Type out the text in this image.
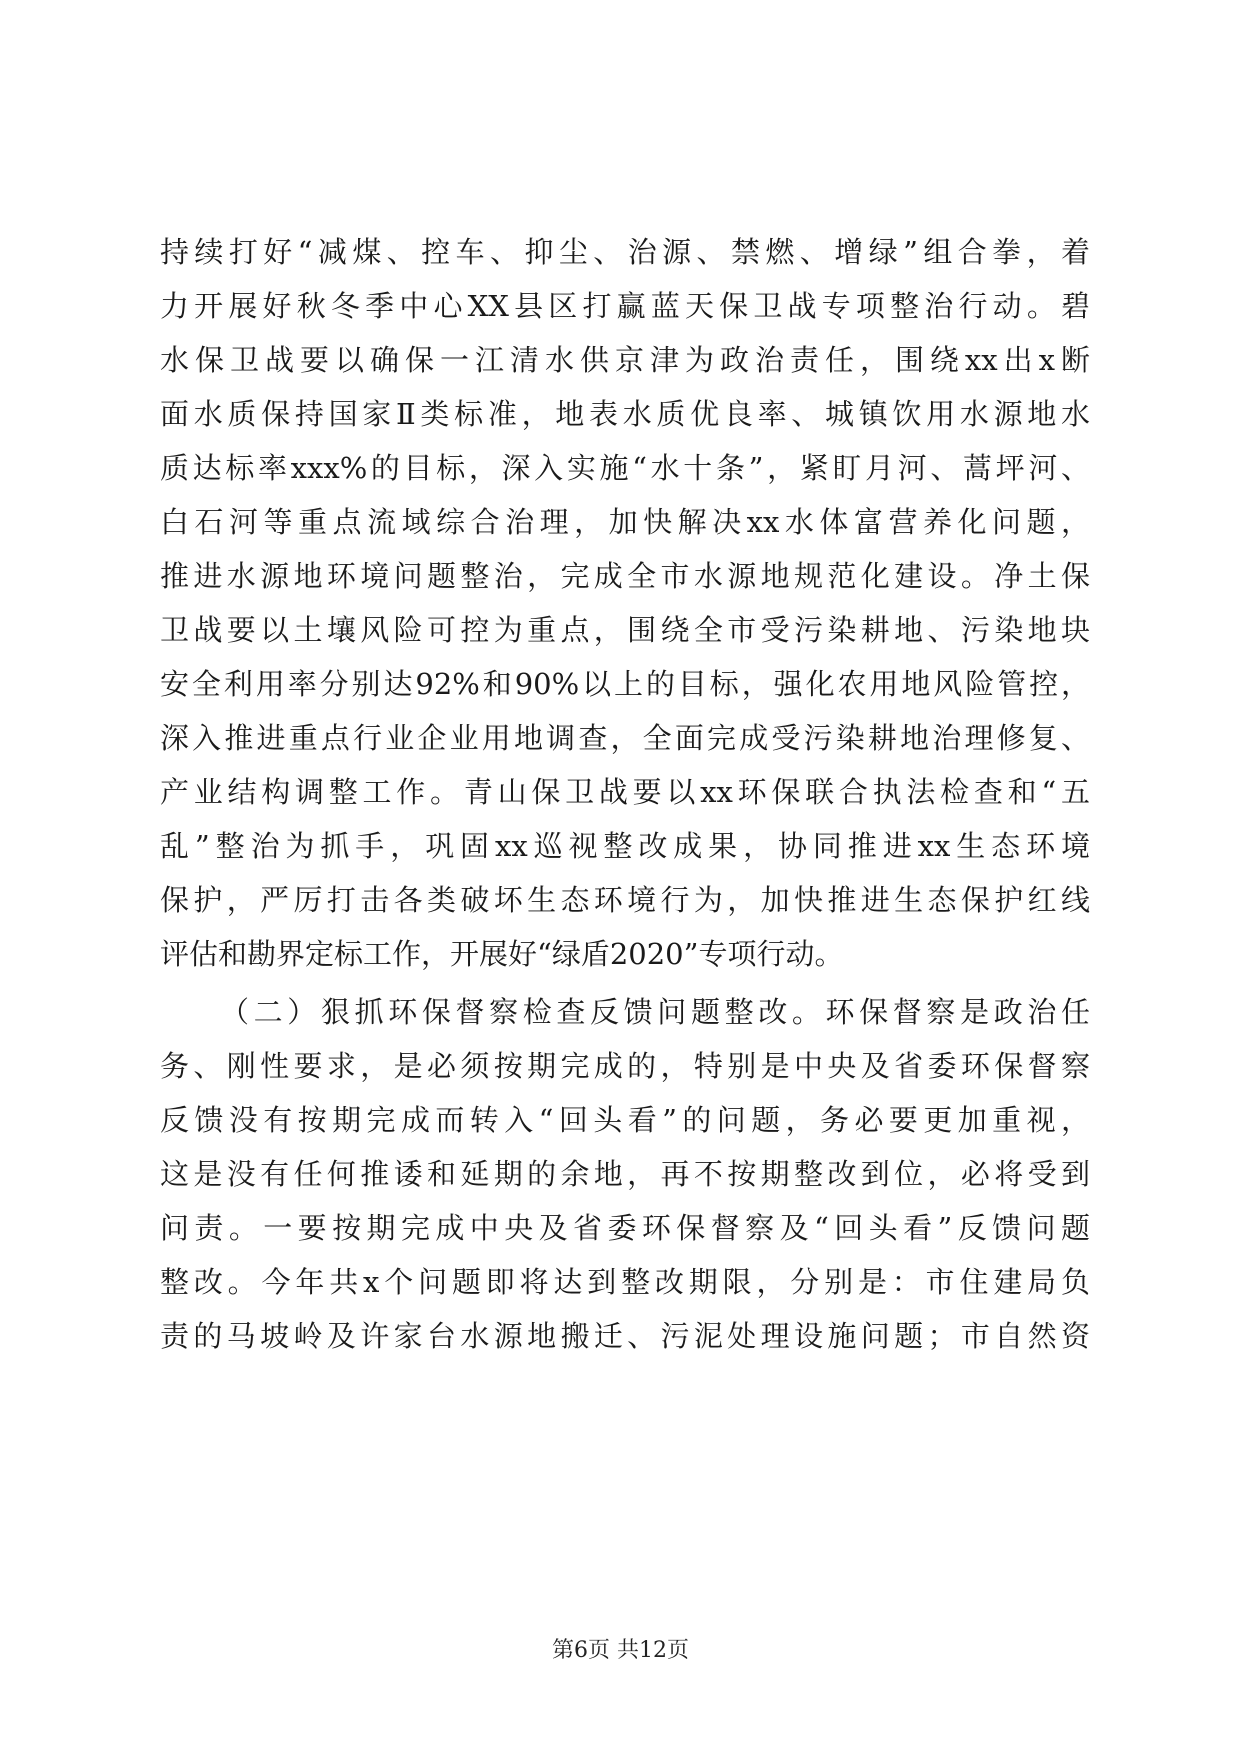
持续打好“减煤、控车、抑尘、治源、禁燃、增绿”组合拳，着
力开展好秋冬季中心XX县区打赢蓝天保卫战专项整治行动。碧
水保卫战要以确保一江清水供京津为政治责任，围绕xx出x断
面水质保持国家Ⅱ类标准，地表水质优良率、城镇饮用水源地水
质达标率xxx%的目标，深入实施“水十条”，紧盯月河、蒿坪河、
白石河等重点流域综合治理，加快解决xx水体富营养化问题，
推进水源地环境问题整治，完成全市水源地规范化建设。净土保
卫战要以土壤风险可控为重点，围绕全市受污染耕地、污染地块
安全利用率分别达92%和90%以上的目标，强化农用地风险管控，
深入推进重点行业企业用地调查，全面完成受污染耕地治理修复、
产业结构调整工作。青山保卫战要以xx环保联合执法检查和“五
乱”整治为抓手，巩固xx巡视整改成果，协同推进xx生态环境
保护，严厉打击各类破坏生态环境行为，加快推进生态保护红线
评估和勘界定标工作，开展好“绿盾2020”专项行动。
（二）狠抓环保督察检查反馈问题整改。环保督察是政治任
务、刚性要求，是必须按期完成的，特别是中央及省委环保督察
反馈没有按期完成而转入“回头看”的问题，务必要更加重视，
这是没有任何推诿和延期的余地，再不按期整改到位，必将受到
问责。一要按期完成中央及省委环保督察及“回头看”反馈问题
整改。今年共x个问题即将达到整改期限，分别是：市住建局负
责的马坡岭及许家台水源地搬迁、污泥处理设施问题；市自然资
第6页 共12页
